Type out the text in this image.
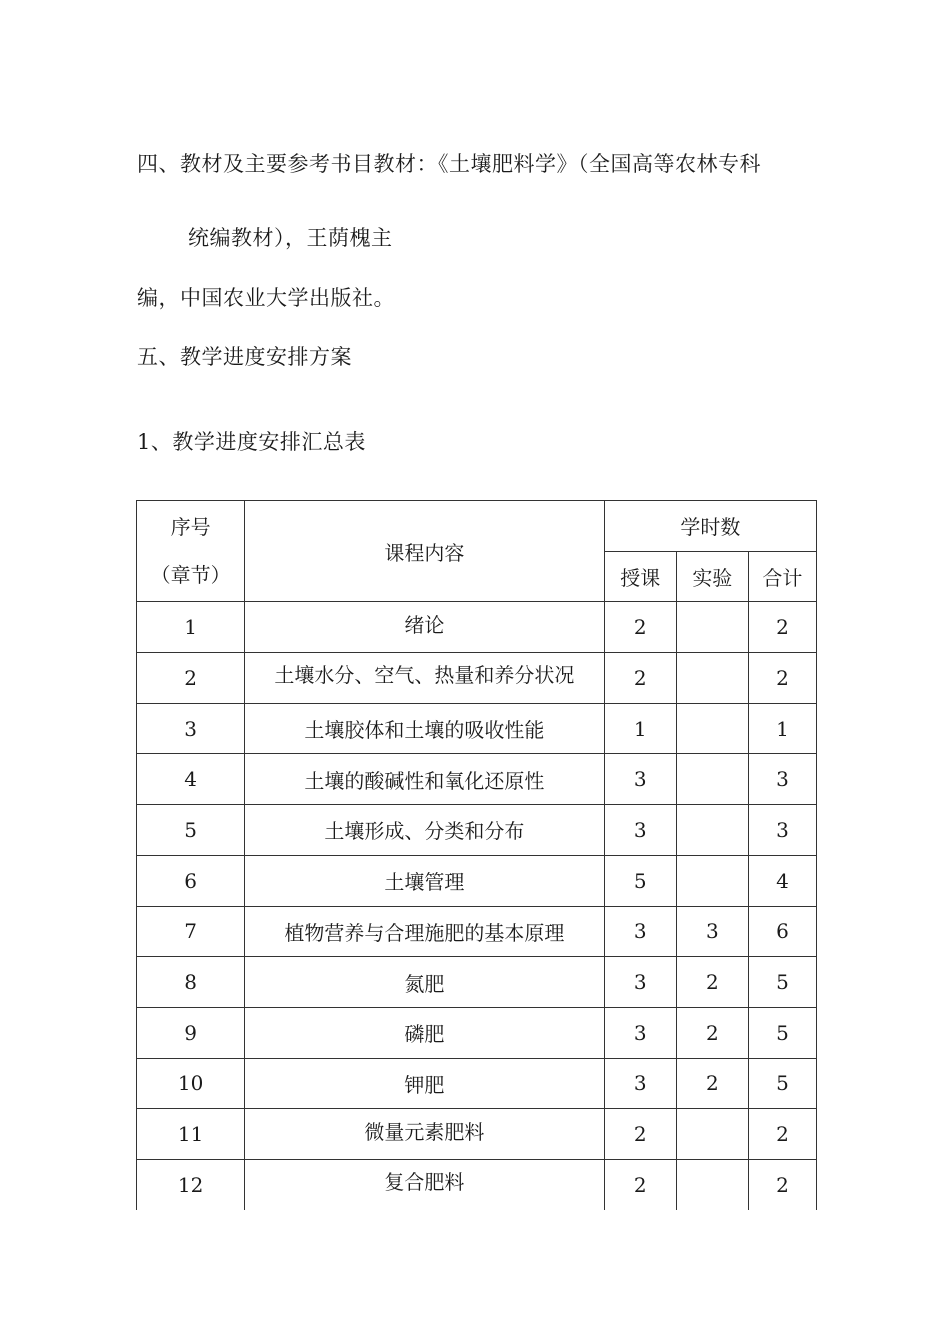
四、教材及主要参考书目教材：《土壤肥料学》（全国高等农林专科
统编教材），王荫槐主
编，中国农业大学出版社。
五、教学进度安排方案
1、教学进度安排汇总表
序号
（章节）	课程内容	学时数		
		授课	实验	合计
1	绪论	2		2
2	土壤水分、空气、热量和养分状况	2		2
3	土壤胶体和土壤的吸收性能	1		1
4	土壤的酸碱性和氧化还原性	3		3
5	土壤形成、分类和分布	3		3
6	土壤管理	5		4
7	植物营养与合理施肥的基本原理	3	3	6
8	氮肥	3	2	5
9	磷肥	3	2	5
10	钾肥	3	2	5
11	微量元素肥料	2		2
12	复合肥料	2		2
